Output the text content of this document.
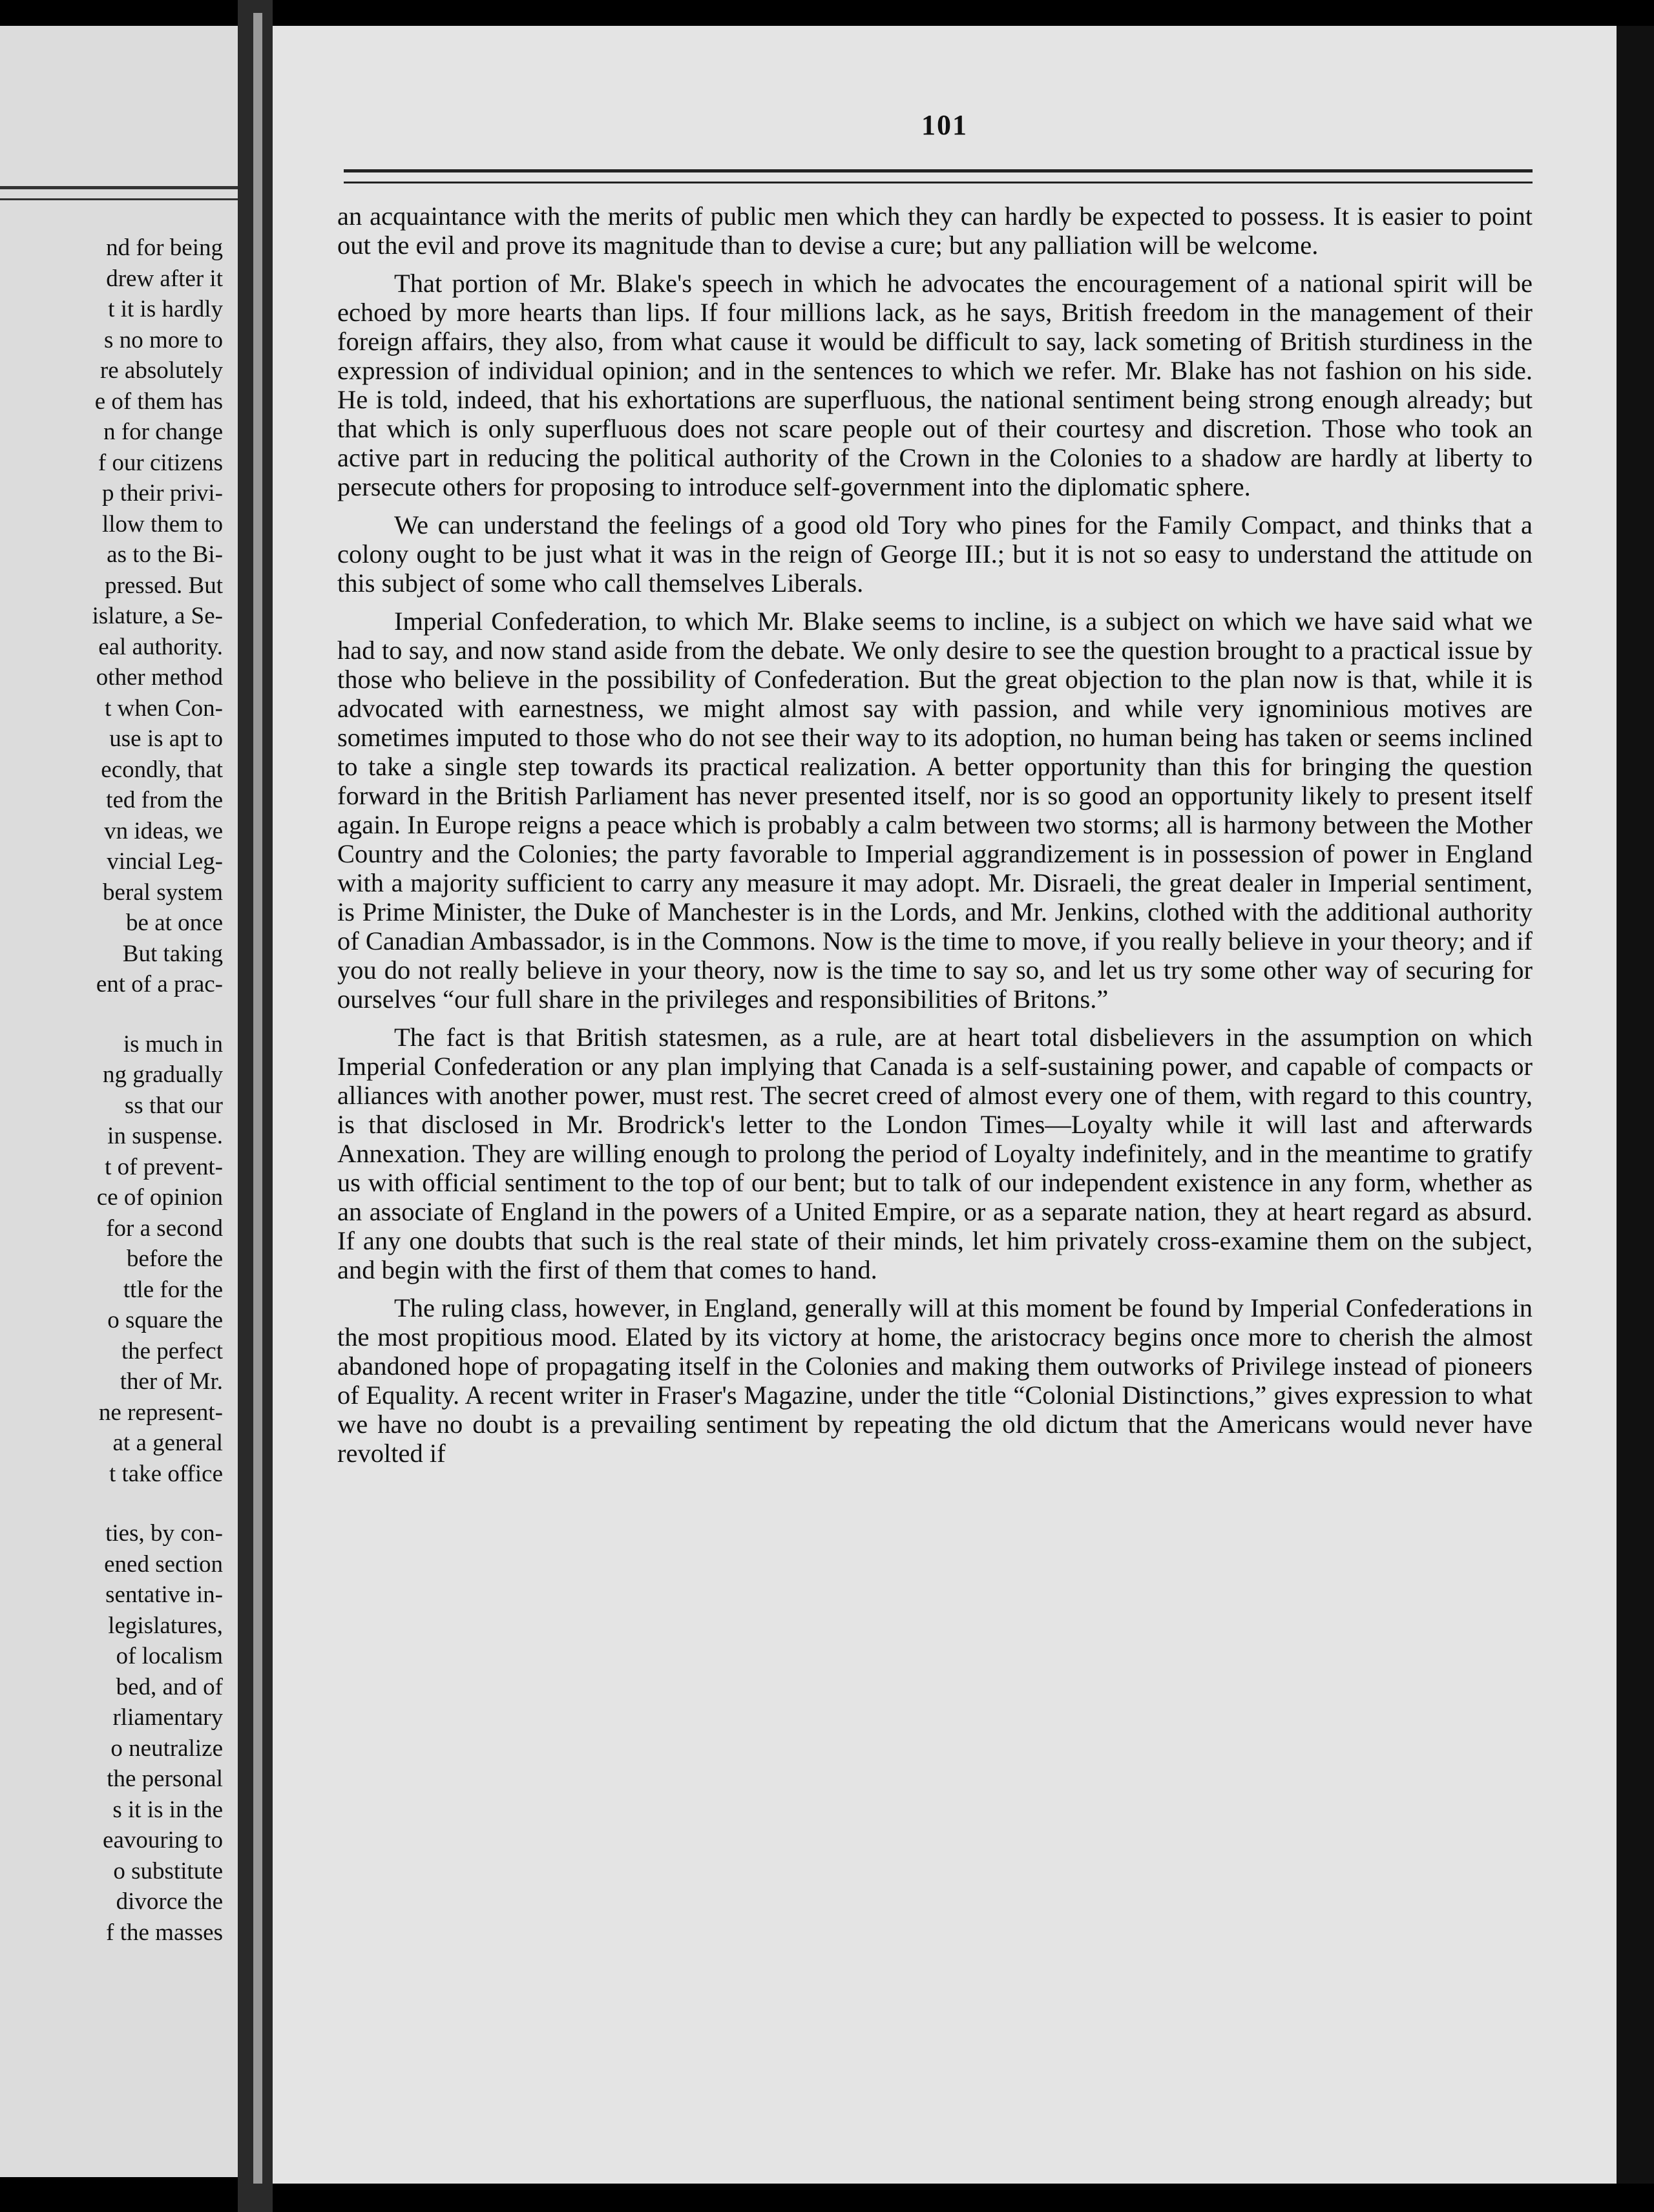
nd for being
drew after it
t it is hardly
s no more to
re absolutely
e of them has
n for change
f our citizens
p their privi-
llow them to
as to the Bi-
pressed. But
islature, a Se-
eal authority.
other method
t when Con-
use is apt to
econdly, that
ted from the
vn ideas, we
vincial Leg-
beral system
be at once
But taking
ent of a prac-
is much in
ng gradually
ss that our
in suspense.
t of prevent-
ce of opinion
for a second
before the
ttle for the
o square the
the perfect
ther of Mr.
ne represent-
at a general
t take office
ties, by con-
ened section
sentative in-
legislatures,
of localism
bed, and of
rliamentary
o neutralize
the personal
s it is in the
eavouring to
o substitute
divorce the
f the masses
101

an acquaintance with the merits of public men which they can hardly be expected to possess. It is easier to point out the evil and prove its magnitude than to devise a cure; but any palliation will be welcome.

That portion of Mr. Blake's speech in which he advocates the encouragement of a national spirit will be echoed by more hearts than lips. If four millions lack, as he says, British freedom in the management of their foreign affairs, they also, from what cause it would be difficult to say, lack someting of British sturdiness in the expression of individual opinion; and in the sentences to which we refer. Mr. Blake has not fashion on his side. He is told, indeed, that his exhortations are superfluous, the national sentiment being strong enough already; but that which is only superfluous does not scare people out of their courtesy and discretion. Those who took an active part in reducing the political authority of the Crown in the Colonies to a shadow are hardly at liberty to persecute others for proposing to introduce self-government into the diplomatic sphere.

We can understand the feelings of a good old Tory who pines for the Family Compact, and thinks that a colony ought to be just what it was in the reign of George III.; but it is not so easy to understand the attitude on this subject of some who call themselves Liberals.

Imperial Confederation, to which Mr. Blake seems to incline, is a subject on which we have said what we had to say, and now stand aside from the debate. We only desire to see the question brought to a practical issue by those who believe in the possibility of Confederation. But the great objection to the plan now is that, while it is advocated with earnestness, we might almost say with passion, and while very ignominious motives are sometimes imputed to those who do not see their way to its adoption, no human being has taken or seems inclined to take a single step towards its practical realization. A better opportunity than this for bringing the question forward in the British Parliament has never presented itself, nor is so good an opportunity likely to present itself again. In Europe reigns a peace which is probably a calm between two storms; all is harmony between the Mother Country and the Colonies; the party favorable to Imperial aggrandizement is in possession of power in England with a majority sufficient to carry any measure it may adopt. Mr. Disraeli, the great dealer in Imperial sentiment, is Prime Minister, the Duke of Manchester is in the Lords, and Mr. Jenkins, clothed with the additional authority of Canadian Ambassador, is in the Commons. Now is the time to move, if you really believe in your theory; and if you do not really believe in your theory, now is the time to say so, and let us try some other way of securing for ourselves “our full share in the privileges and responsibilities of Britons.”

The fact is that British statesmen, as a rule, are at heart total disbelievers in the assumption on which Imperial Confederation or any plan implying that Canada is a self-sustaining power, and capable of compacts or alliances with another power, must rest. The secret creed of almost every one of them, with regard to this country, is that disclosed in Mr. Brodrick's letter to the London Times—Loyalty while it will last and afterwards Annexation. They are willing enough to prolong the period of Loyalty indefinitely, and in the meantime to gratify us with official sentiment to the top of our bent; but to talk of our independent existence in any form, whether as an associate of England in the powers of a United Empire, or as a separate nation, they at heart regard as absurd. If any one doubts that such is the real state of their minds, let him privately cross-examine them on the subject, and begin with the first of them that comes to hand.

The ruling class, however, in England, generally will at this moment be found by Imperial Confederations in the most propitious mood. Elated by its victory at home, the aristocracy begins once more to cherish the almost abandoned hope of propagating itself in the Colonies and making them outworks of Privilege instead of pioneers of Equality. A recent writer in Fraser's Magazine, under the title “Colonial Distinctions,” gives expression to what we have no doubt is a prevailing sentiment by repeating the old dictum that the Americans would never have revolted if
